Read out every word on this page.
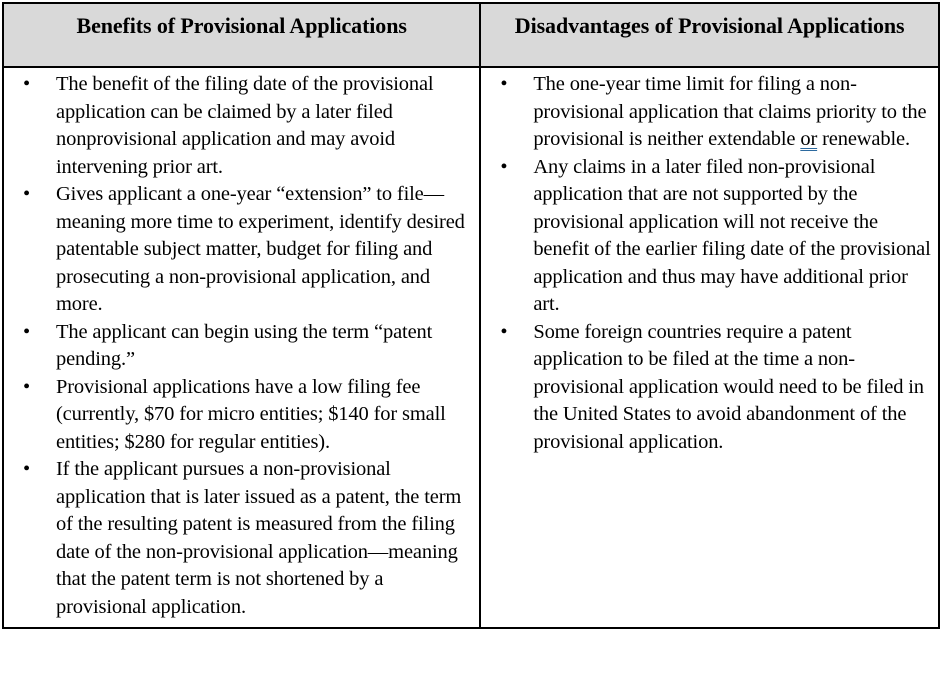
Benefits of Provisional Applications	Disadvantages of Provisional Applications

• The benefit of the filing date of the provisional application can be claimed by a later filed nonprovisional application and may avoid intervening prior art.
• Gives applicant a one-year “extension” to file—meaning more time to experiment, identify desired patentable subject matter, budget for filing and prosecuting a non-provisional application, and more.
• The applicant can begin using the term “patent pending.”
• Provisional applications have a low filing fee (currently, $70 for micro entities; $140 for small entities; $280 for regular entities).
• If the applicant pursues a non-provisional application that is later issued as a patent, the term of the resulting patent is measured from the filing date of the non-provisional application—meaning that the patent term is not shortened by a provisional application.

• The one-year time limit for filing a non-provisional application that claims priority to the provisional is neither extendable or renewable.
• Any claims in a later filed non-provisional application that are not supported by the provisional application will not receive the benefit of the earlier filing date of the provisional application and thus may have additional prior art.
• Some foreign countries require a patent application to be filed at the time a non-provisional application would need to be filed in the United States to avoid abandonment of the provisional application.
